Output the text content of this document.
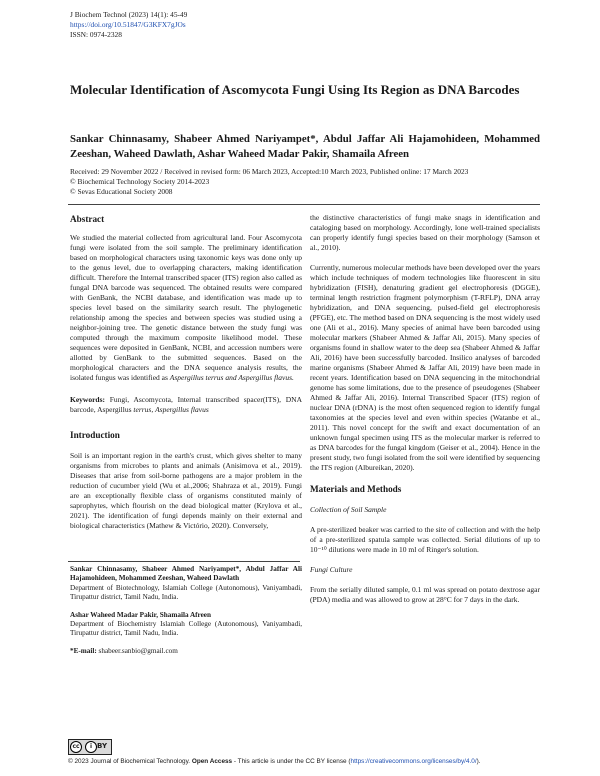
J Biochem Technol (2023) 14(1): 45-49
https://doi.org/10.51847/G3KFX7gJOs
ISSN: 0974-2328
Molecular Identification of Ascomycota Fungi Using Its Region as DNA Barcodes
Sankar Chinnasamy, Shabeer Ahmed Nariyampet*, Abdul Jaffar Ali Hajamohideen, Mohammed Zeeshan, Waheed Dawlath, Ashar Waheed Madar Pakir, Shamaila Afreen
Received: 29 November 2022 / Received in revised form: 06 March 2023, Accepted:10 March 2023, Published online: 17 March 2023
© Biochemical Technology Society 2014-2023
© Sevas Educational Society 2008
Abstract

We studied the material collected from agricultural land. Four Ascomycota fungi were isolated from the soil sample. The preliminary identification based on morphological characters using taxonomic keys was done only up to the genus level, due to overlapping characters, making identification difficult. Therefore the Internal transcribed spacer (ITS) region also called as fungal DNA barcode was sequenced. The obtained results were compared with GenBank, the NCBI database, and identification was made up to species level based on the similarity search result. The phylogenetic relationship among the species and between species was studied using a neighbor-joining tree. The genetic distance between the study fungi was computed through the maximum composite likelihood model. These sequences were deposited in GenBank, NCBI, and accession numbers were allotted by GenBank to the submitted sequences. Based on the morphological characters and the DNA sequence analysis results, the isolated fungus was identified as Aspergillus terrus and Aspergillus flavus.

Keywords: Fungi, Ascomycota, Internal transcribed spacer(ITS), DNA barcode, Aspergillus terrus, Aspergillus flavus

Introduction

Soil is an important region in the earth's crust, which gives shelter to many organisms from microbes to plants and animals (Anisimova et al., 2019). Diseases that arise from soil-borne pathogens are a major problem in the reduction of cucumber yield (Wu et al.,2006; Shahraza et al., 2019). Fungi are an exceptionally flexible class of organisms constituted mainly of saprophytes, which flourish on the dead biological matter (Krylova et al., 2021). The identification of fungi depends mainly on their external and biological characteristics (Mathew & Victório, 2020). Conversely,

Sankar Chinnasamy, Shabeer Ahmed Nariyampet*, Abdul Jaffar Ali Hajamohideen, Mohammed Zeeshan, Waheed Dawlath

Department of Biotechnology, Islamiah College (Autonomous), Vaniyambadi, Tirupattur district, Tamil Nadu, India.

Ashar Waheed Madar Pakir, Shamaila Afreen

Department of Biochemistry Islamiah College (Autonomous), Vaniyambadi, Tirupattur district, Tamil Nadu, India.

*E-mail: shabeer.sanbio@gmail.com

the distinctive characteristics of fungi make snags in identification and cataloging based on morphology. Accordingly, lone well-trained specialists can properly identify fungi species based on their morphology (Samson et al., 2010).

Currently, numerous molecular methods have been developed over the years which include techniques of modern technologies like fluorescent in situ hybridization (FISH), denaturing gradient gel electrophoresis (DGGE), terminal length restriction fragment polymorphism (T-RFLP), DNA array hybridization, and DNA sequencing, pulsed-field gel electrophoresis (PFGE), etc. The method based on DNA sequencing is the most widely used one (Ali et al., 2016). Many species of animal have been barcoded using molecular markers (Shabeer Ahmed & Jaffar Ali, 2015). Many species of organisms found in shallow water to the deep sea (Shabeer Ahmed & Jaffar Ali, 2016) have been successfully barcoded. Insilico analyses of barcoded marine organisms (Shabeer Ahmed & Jaffar Ali, 2019) have been made in recent years. Identification based on DNA sequencing in the mitochondrial genome has some limitations, due to the presence of pseudogenes (Shabeer Ahmed & Jaffar Ali, 2016). Internal Transcribed Spacer (ITS) region of nuclear DNA (rDNA) is the most often sequenced region to identify fungal taxonomies at the species level and even within species (Watanbe et al., 2011). This novel concept for the swift and exact documentation of an unknown fungal specimen using ITS as the molecular marker is referred to as DNA barcodes for the fungal kingdom (Geiser et al., 2004). Hence in the present study, two fungi isolated from the soil were identified by sequencing the ITS region (Albureikan, 2020).

Materials and Methods
Collection of Soil Sample

A pre-sterilized beaker was carried to the site of collection and with the help of a pre-sterilized spatula sample was collected. Serial dilutions of up to 10⁻¹⁰ dilutions were made in 10 ml of Ringer's solution.

Fungi Culture

From the serially diluted sample, 0.1 ml was spread on potato dextrose agar (PDA) media and was allowed to grow at 28°C for 7 days in the dark.

cc	i BY
© 2023 Journal of Biochemical Technology. Open Access - This article is under the CC BY license (https://creativecommons.org/licenses/by/4.0/).
